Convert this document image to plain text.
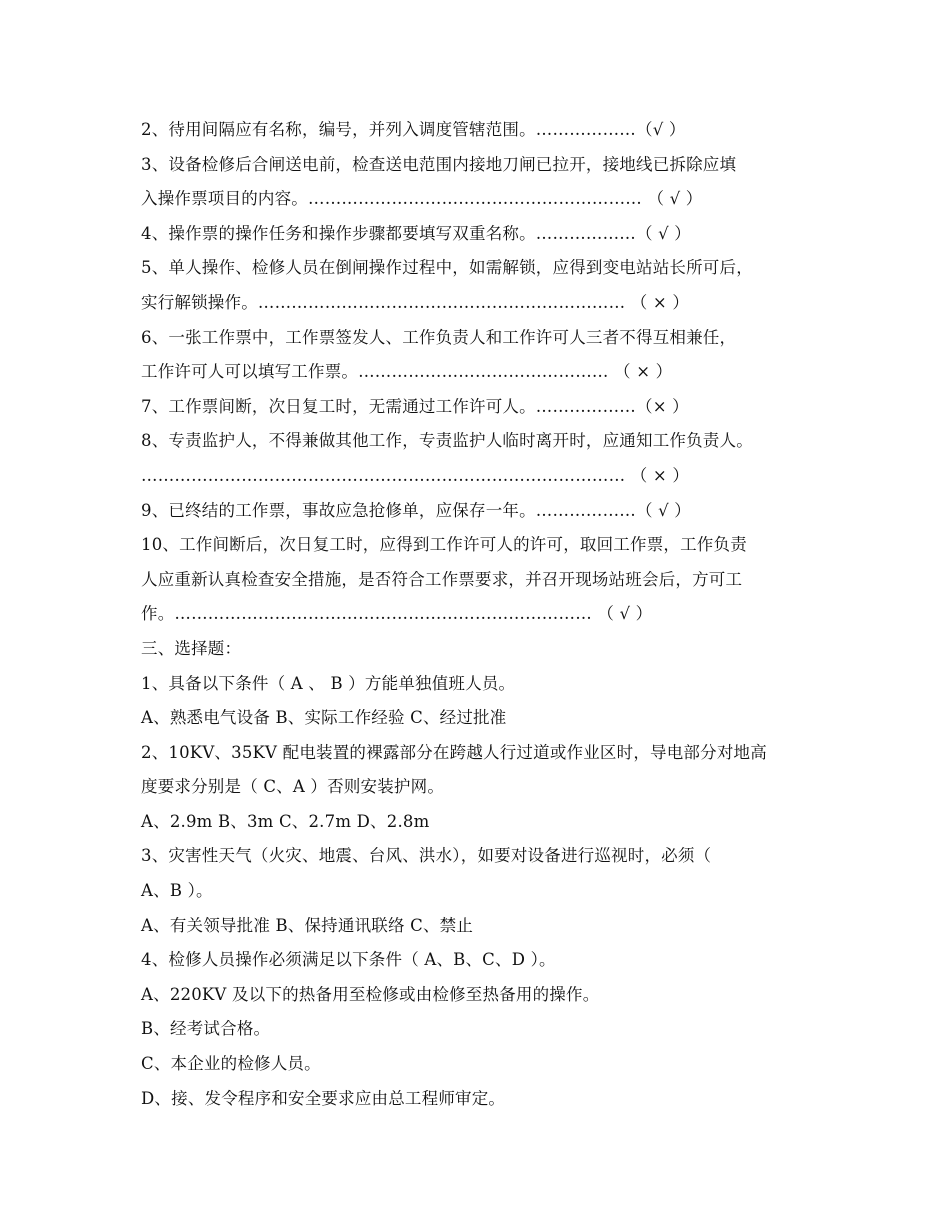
2、待用间隔应有名称，编号，并列入调度管辖范围。………………（√ ）
3、设备检修后合闸送电前，检查送电范围内接地刀闸已拉开，接地线已拆除应填
入操作票项目的内容。…………………………………………………… （ √ ）
4、操作票的操作任务和操作步骤都要填写双重名称。………………（ √ ）
5、单人操作、检修人员在倒闸操作过程中，如需解锁，应得到变电站站长所可后，
实行解锁操作。………………………………………………………… （ × ）
6、一张工作票中，工作票签发人、工作负责人和工作许可人三者不得互相兼任，
工作许可人可以填写工作票。……………………………………… （ × ）
7、工作票间断，次日复工时，无需通过工作许可人。………………（× ）
8、专责监护人，不得兼做其他工作，专责监护人临时离开时，应通知工作负责人。
…………………………………………………………………………… （ × ）
9、已终结的工作票，事故应急抢修单，应保存一年。………………（ √ ）
10、工作间断后，次日复工时，应得到工作许可人的许可，取回工作票，工作负责
人应重新认真检查安全措施，是否符合工作票要求，并召开现场站班会后，方可工
作。………………………………………………………………… （ √ ）
三、选择题：
1、具备以下条件（ A 、 B ）方能单独值班人员。
A、熟悉电气设备 B、实际工作经验 C、经过批准
2、10KV、35KV 配电装置的裸露部分在跨越人行过道或作业区时，导电部分对地高
度要求分别是（ C、A ）否则安装护网。
A、2.9m B、3m C、2.7m D、2.8m
3、灾害性天气（火灾、地震、台风、洪水），如要对设备进行巡视时，必须（
A、B ）。
A、有关领导批准 B、保持通讯联络 C、禁止
4、检修人员操作必须满足以下条件（ A、B、C、D ）。
A、220KV 及以下的热备用至检修或由检修至热备用的操作。
B、经考试合格。
C、本企业的检修人员。
D、接、发令程序和安全要求应由总工程师审定。
